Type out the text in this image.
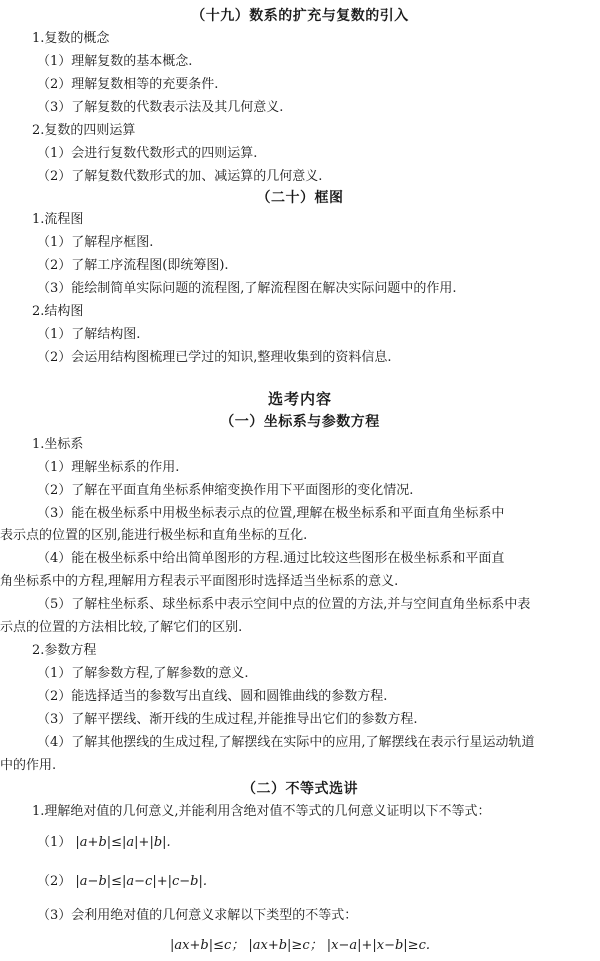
（十九）数系的扩充与复数的引入
1.复数的概念
（1）理解复数的基本概念.
（2）理解复数相等的充要条件.
（3）了解复数的代数表示法及其几何意义.
2.复数的四则运算
（1）会进行复数代数形式的四则运算.
（2）了解复数代数形式的加、减运算的几何意义.
（二十）框图
1.流程图
（1）了解程序框图.
（2）了解工序流程图(即统筹图).
（3）能绘制简单实际问题的流程图,了解流程图在解决实际问题中的作用.
2.结构图
（1）了解结构图.
（2）会运用结构图梳理已学过的知识,整理收集到的资料信息.
选考内容
（一）坐标系与参数方程
1.坐标系
（1）理解坐标系的作用.
（2）了解在平面直角坐标系伸缩变换作用下平面图形的变化情况.
（3）能在极坐标系中用极坐标表示点的位置,理解在极坐标系和平面直角坐标系中
表示点的位置的区别,能进行极坐标和直角坐标的互化.
（4）能在极坐标系中给出简单图形的方程.通过比较这些图形在极坐标系和平面直
角坐标系中的方程,理解用方程表示平面图形时选择适当坐标系的意义.
（5）了解柱坐标系、球坐标系中表示空间中点的位置的方法,并与空间直角坐标系中表
示点的位置的方法相比较,了解它们的区别.
2.参数方程
（1）了解参数方程,了解参数的意义.
（2）能选择适当的参数写出直线、圆和圆锥曲线的参数方程.
（3）了解平摆线、渐开线的生成过程,并能推导出它们的参数方程.
（4）了解其他摆线的生成过程,了解摆线在实际中的应用,了解摆线在表示行星运动轨道
中的作用.
（二）不等式选讲
1.理解绝对值的几何意义,并能利用含绝对值不等式的几何意义证明以下不等式：
（1） |a+b|≤|a|+|b|.
（2） |a−b|≤|a−c|+|c−b|.
（3）会利用绝对值的几何意义求解以下类型的不等式：
|ax+b|≤c； |ax+b|≥c； |x−a|+|x−b|≥c.
